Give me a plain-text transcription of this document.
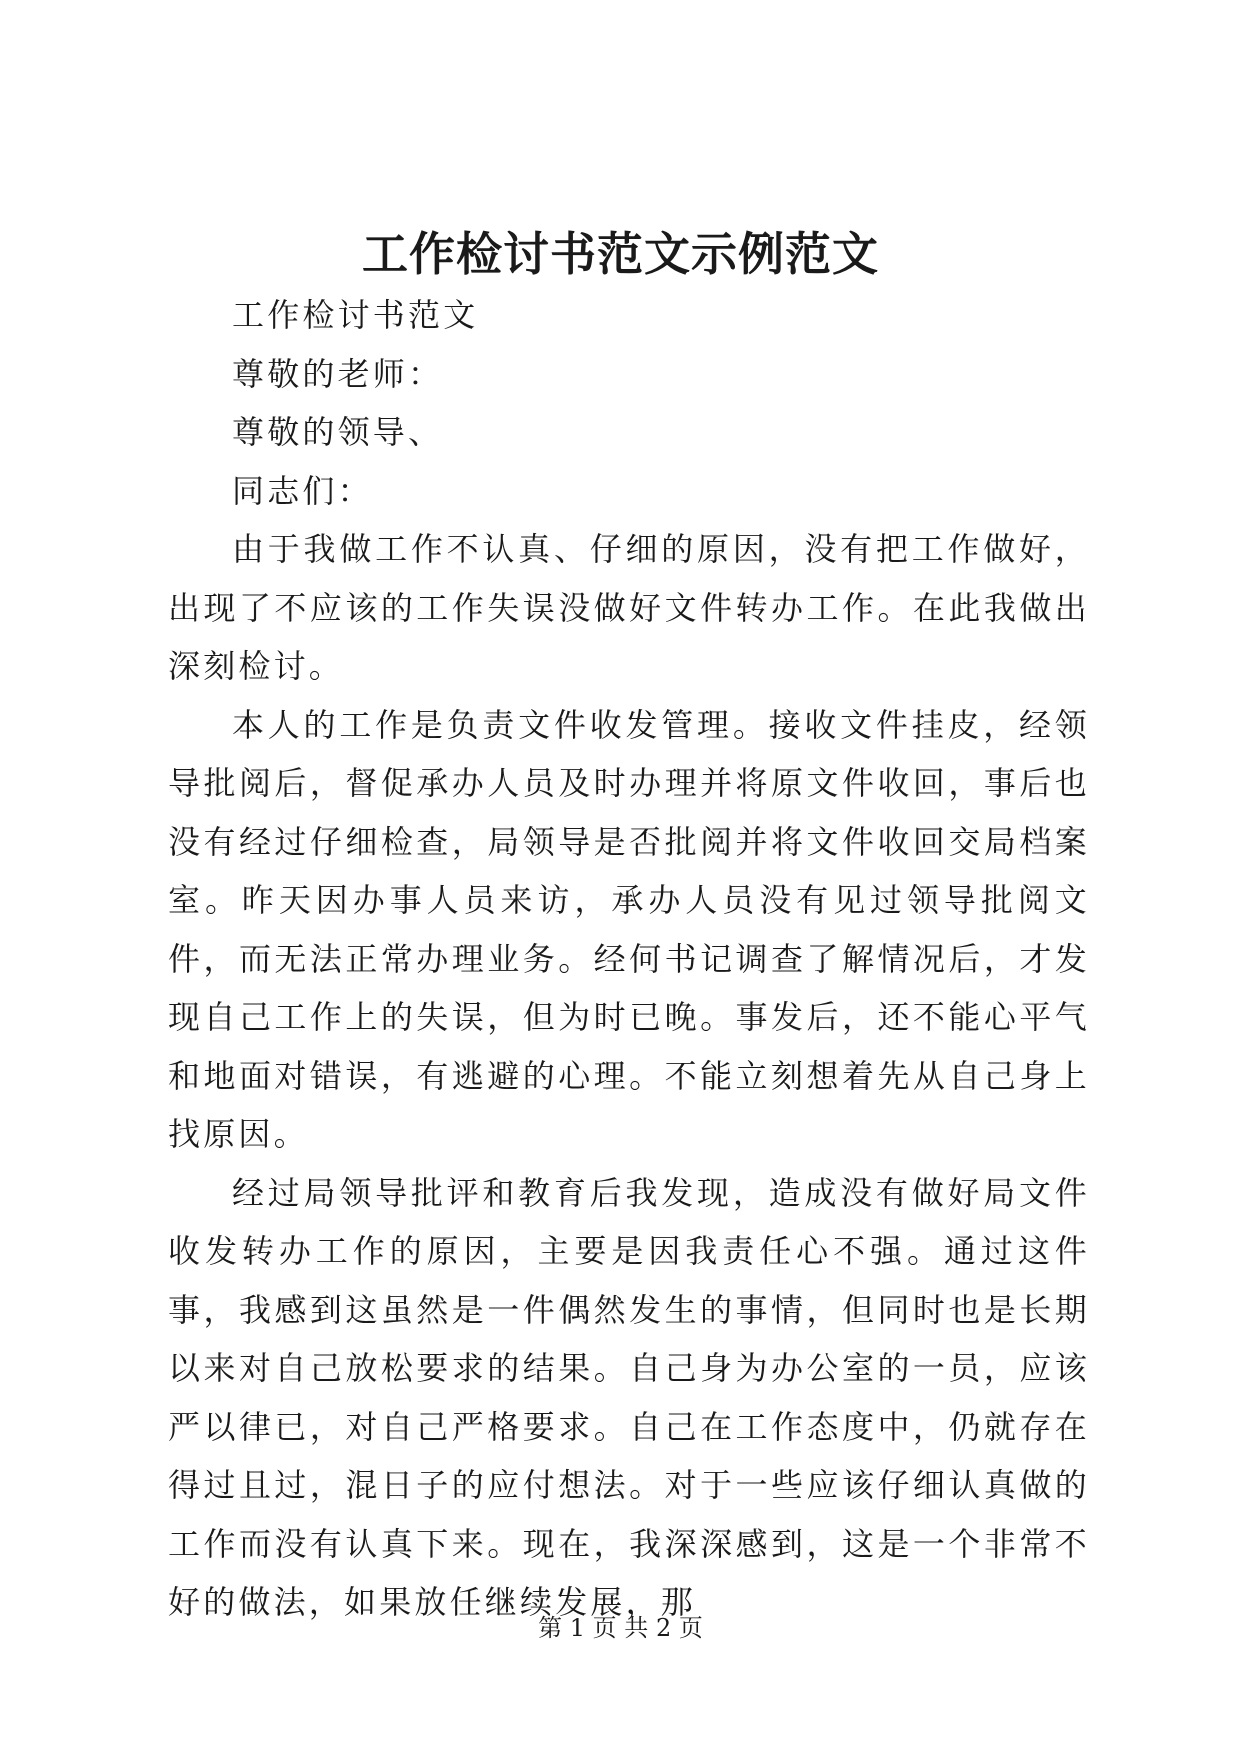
工作检讨书范文示例范文

工作检讨书范文

尊敬的老师：

尊敬的领导、

同志们：

由于我做工作不认真、仔细的原因，没有把工作做好，出现了不应该的工作失误没做好文件转办工作。在此我做出深刻检讨。

本人的工作是负责文件收发管理。接收文件挂皮，经领导批阅后，督促承办人员及时办理并将原文件收回，事后也没有经过仔细检查，局领导是否批阅并将文件收回交局档案室。昨天因办事人员来访，承办人员没有见过领导批阅文件，而无法正常办理业务。经何书记调查了解情况后，才发现自己工作上的失误，但为时已晚。事发后，还不能心平气和地面对错误，有逃避的心理。不能立刻想着先从自己身上找原因。

经过局领导批评和教育后我发现，造成没有做好局文件收发转办工作的原因，主要是因我责任心不强。通过这件事，我感到这虽然是一件偶然发生的事情，但同时也是长期以来对自己放松要求的结果。自己身为办公室的一员，应该严以律已，对自己严格要求。自己在工作态度中，仍就存在得过且过，混日子的应付想法。对于一些应该仔细认真做的工作而没有认真下来。现在，我深深感到，这是一个非常不好的做法，如果放任继续发展，那

第 1 页 共 2 页
